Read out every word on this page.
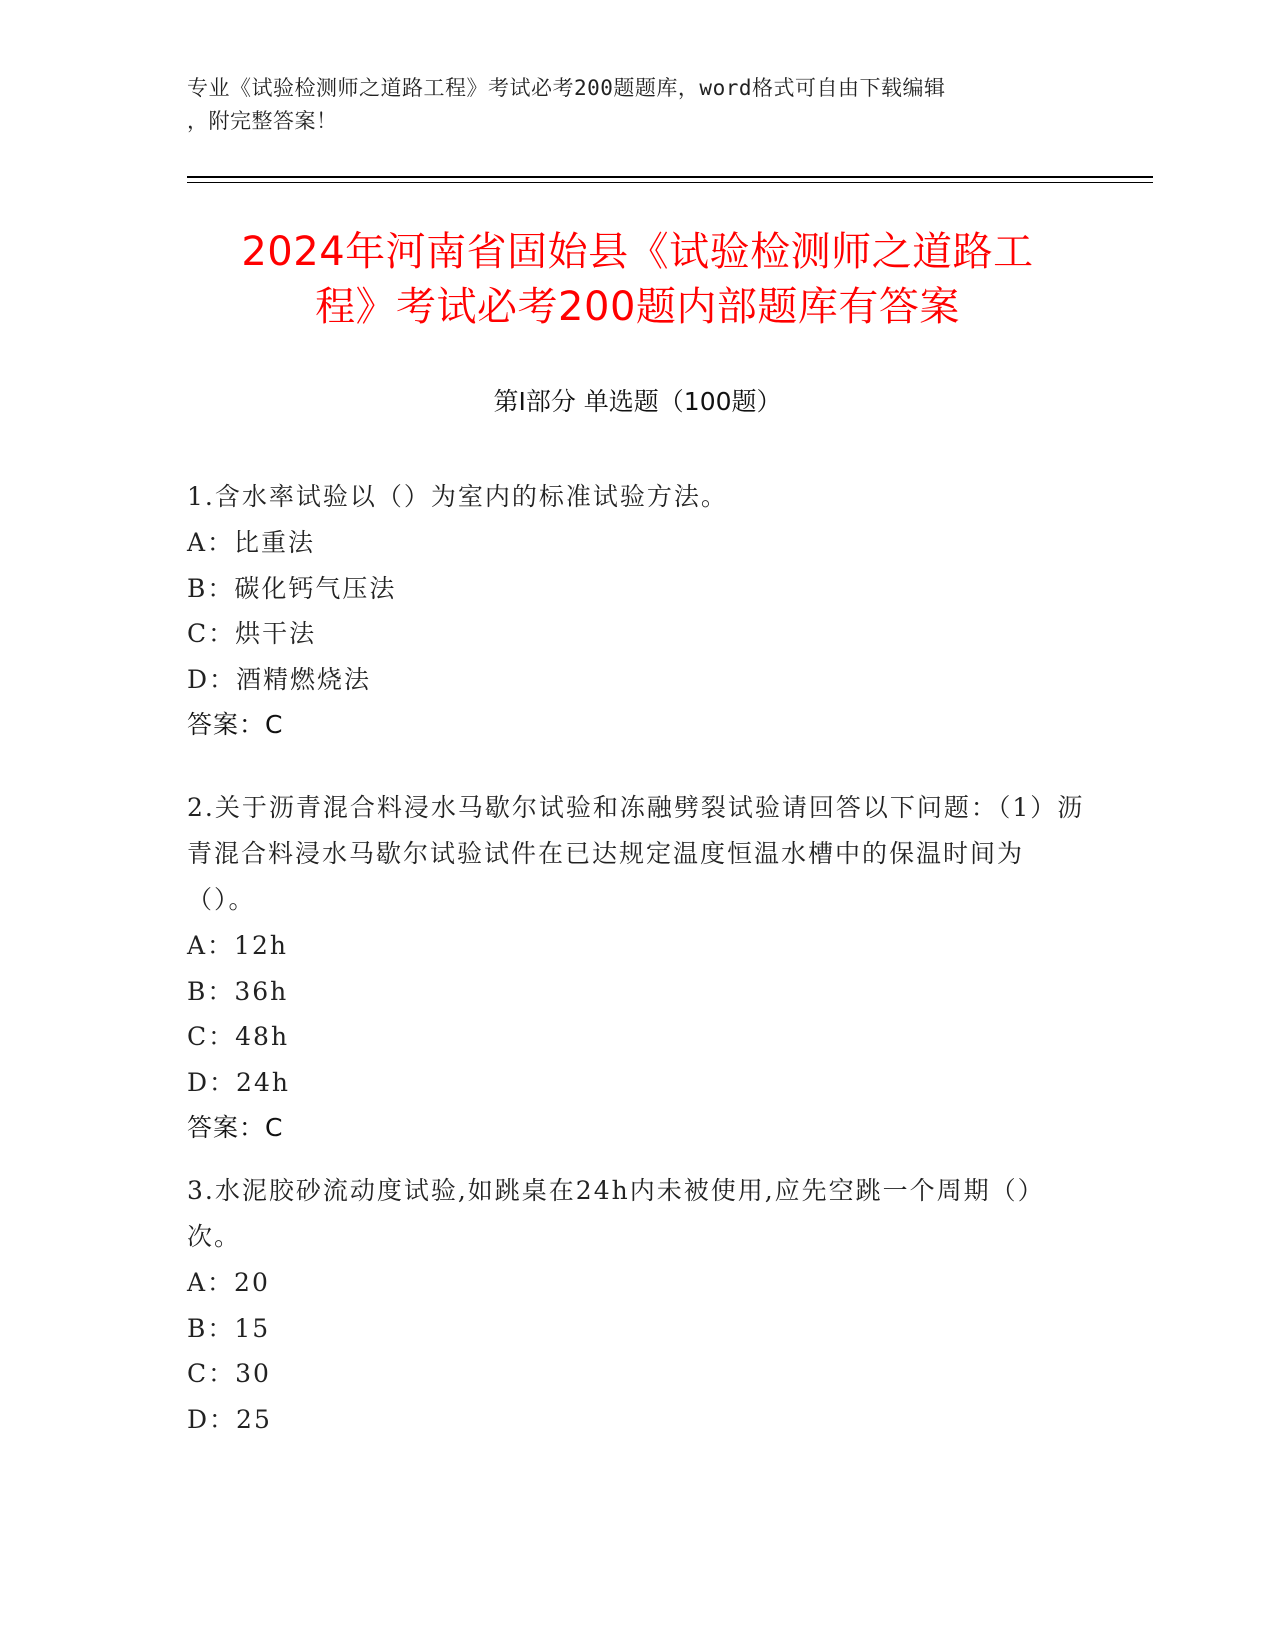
专业《试验检测师之道路工程》考试必考200题题库，word格式可自由下载编辑
，附完整答案！
2024年河南省固始县《试验检测师之道路工
程》考试必考200题内部题库有答案
第Ⅰ部分 单选题（100题）
1.含水率试验以（）为室内的标准试验方法。
A：比重法
B：碳化钙气压法
C：烘干法
D：酒精燃烧法
答案：C
2.关于沥青混合料浸水马歇尔试验和冻融劈裂试验请回答以下问题：（1）沥青混合料浸水马歇尔试验试件在已达规定温度恒温水槽中的保温时间为（）。
A：12h
B：36h
C：48h
D：24h
答案：C
3.水泥胶砂流动度试验,如跳桌在24h内未被使用,应先空跳一个周期（）次。
A：20
B：15
C：30
D：25
